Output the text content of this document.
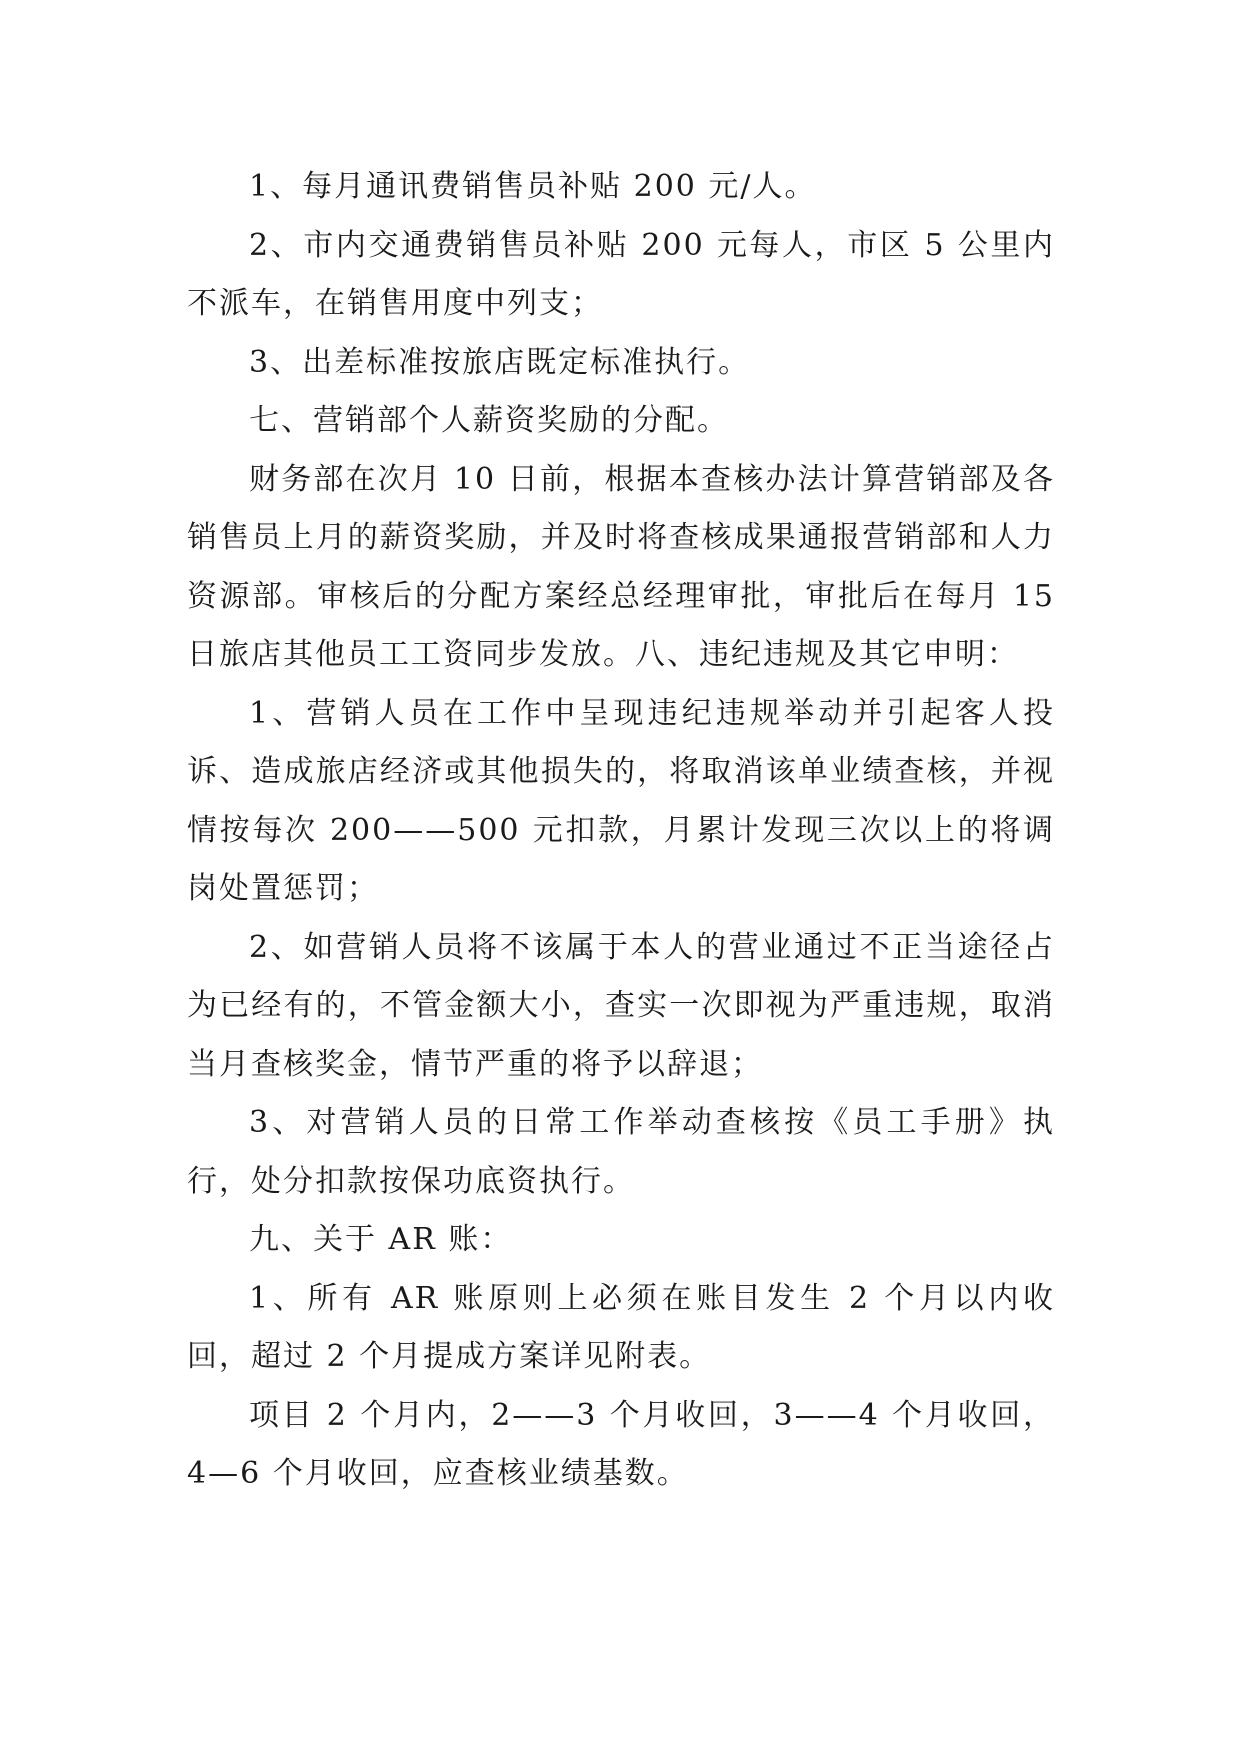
1、每月通讯费销售员补贴 200 元/人。

2、市内交通费销售员补贴 200 元每人，市区 5 公里内不派车，在销售用度中列支；

3、出差标准按旅店既定标准执行。

七、营销部个人薪资奖励的分配。

财务部在次月 10 日前，根据本查核办法计算营销部及各销售员上月的薪资奖励，并及时将查核成果通报营销部和人力资源部。审核后的分配方案经总经理审批，审批后在每月 15 日旅店其他员工工资同步发放。八、违纪违规及其它申明：

1、营销人员在工作中呈现违纪违规举动并引起客人投诉、造成旅店经济或其他损失的，将取消该单业绩查核，并视情按每次 200——500 元扣款，月累计发现三次以上的将调岗处置惩罚；

2、如营销人员将不该属于本人的营业通过不正当途径占为已经有的，不管金额大小，查实一次即视为严重违规，取消当月查核奖金，情节严重的将予以辞退；

3、对营销人员的日常工作举动查核按《员工手册》执行，处分扣款按保功底资执行。

九、关于 AR 账：

1、所有 AR 账原则上必须在账目发生 2 个月以内收回，超过 2 个月提成方案详见附表。

项目 2 个月内，2——3 个月收回，3——4 个月收回，4—6 个月收回，应查核业绩基数。
